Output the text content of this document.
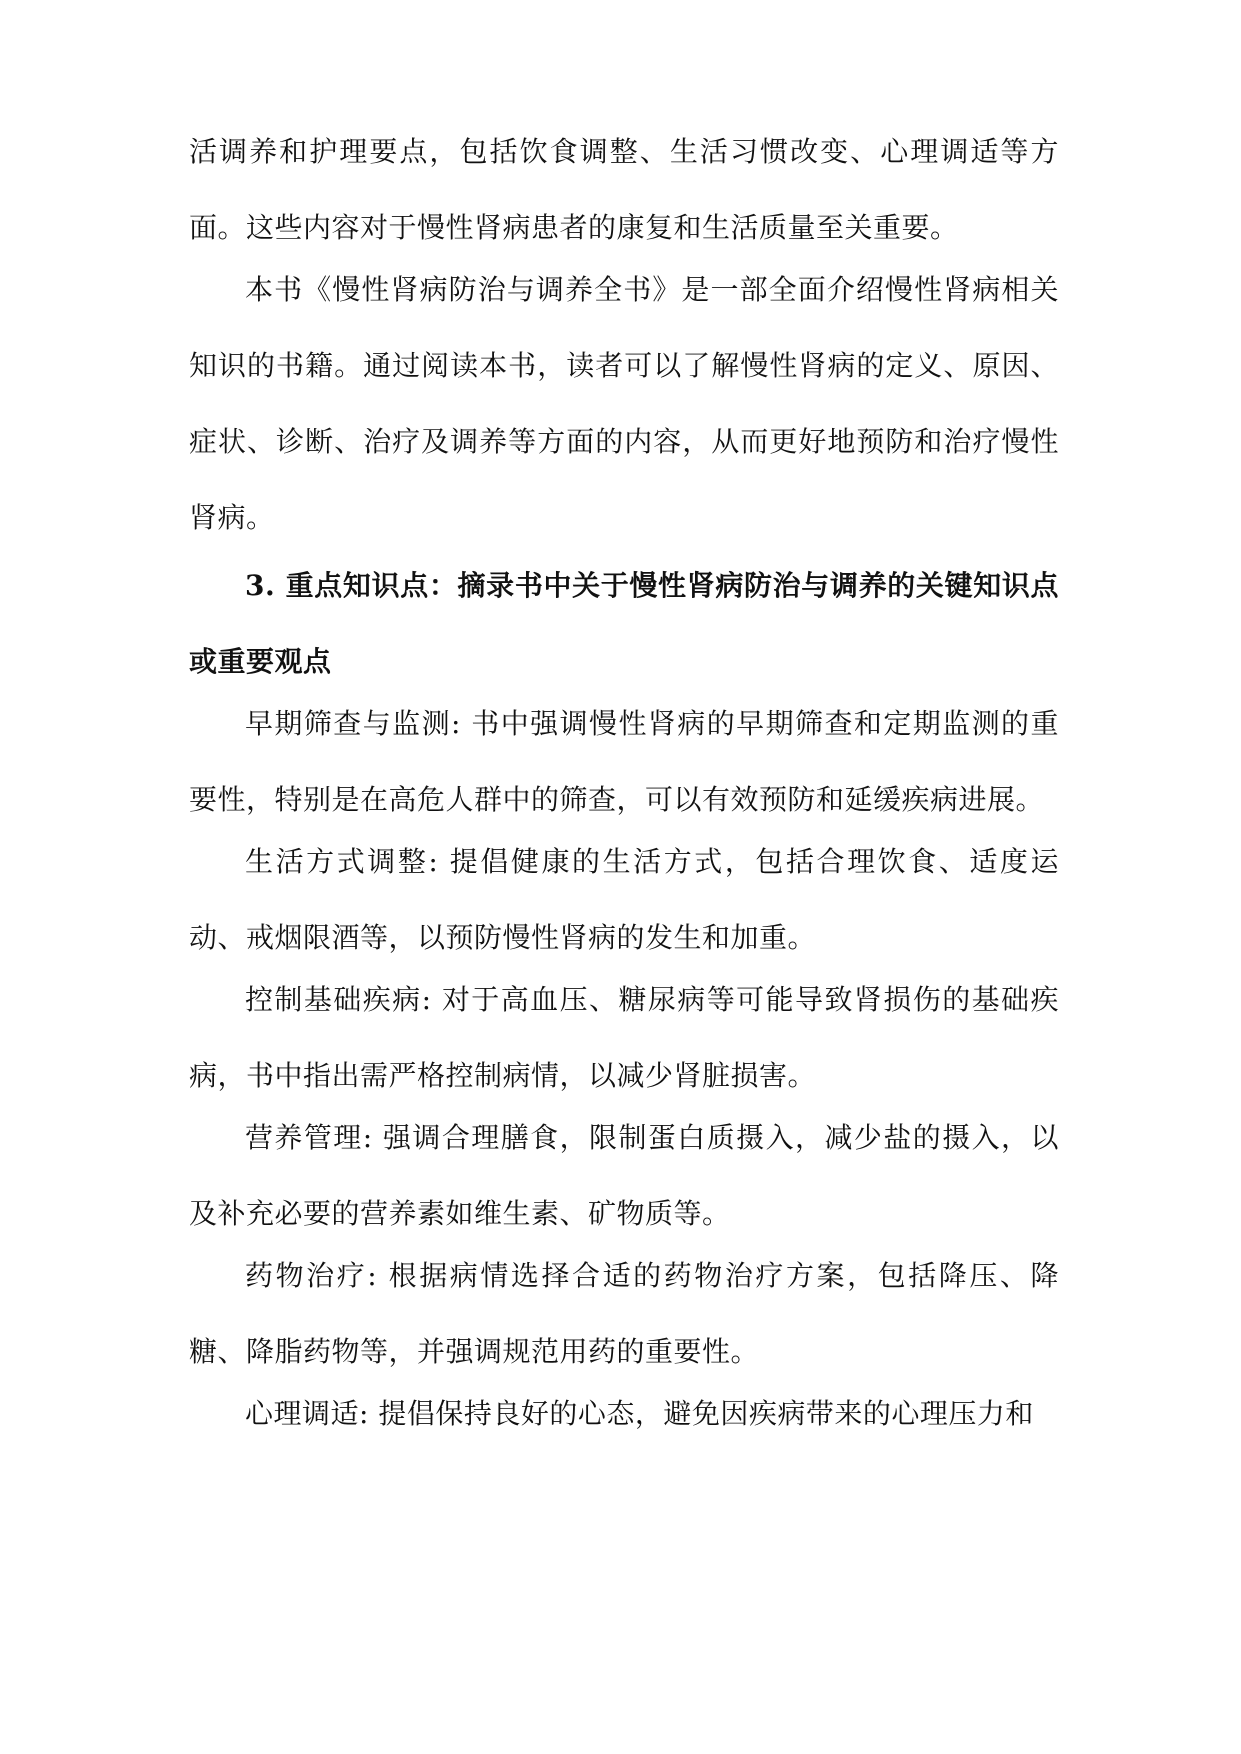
活调养和护理要点，包括饮食调整、生活习惯改变、心理调适等方面。这些内容对于慢性肾病患者的康复和生活质量至关重要。

本书《慢性肾病防治与调养全书》是一部全面介绍慢性肾病相关知识的书籍。通过阅读本书，读者可以了解慢性肾病的定义、原因、症状、诊断、治疗及调养等方面的内容，从而更好地预防和治疗慢性肾病。

3. 重点知识点：摘录书中关于慢性肾病防治与调养的关键知识点或重要观点

早期筛查与监测: 书中强调慢性肾病的早期筛查和定期监测的重要性，特别是在高危人群中的筛查，可以有效预防和延缓疾病进展。

生活方式调整: 提倡健康的生活方式，包括合理饮食、适度运动、戒烟限酒等，以预防慢性肾病的发生和加重。

控制基础疾病: 对于高血压、糖尿病等可能导致肾损伤的基础疾病，书中指出需严格控制病情，以减少肾脏损害。

营养管理: 强调合理膳食，限制蛋白质摄入，减少盐的摄入，以及补充必要的营养素如维生素、矿物质等。

药物治疗: 根据病情选择合适的药物治疗方案，包括降压、降糖、降脂药物等，并强调规范用药的重要性。

心理调适: 提倡保持良好的心态，避免因疾病带来的心理压力和
